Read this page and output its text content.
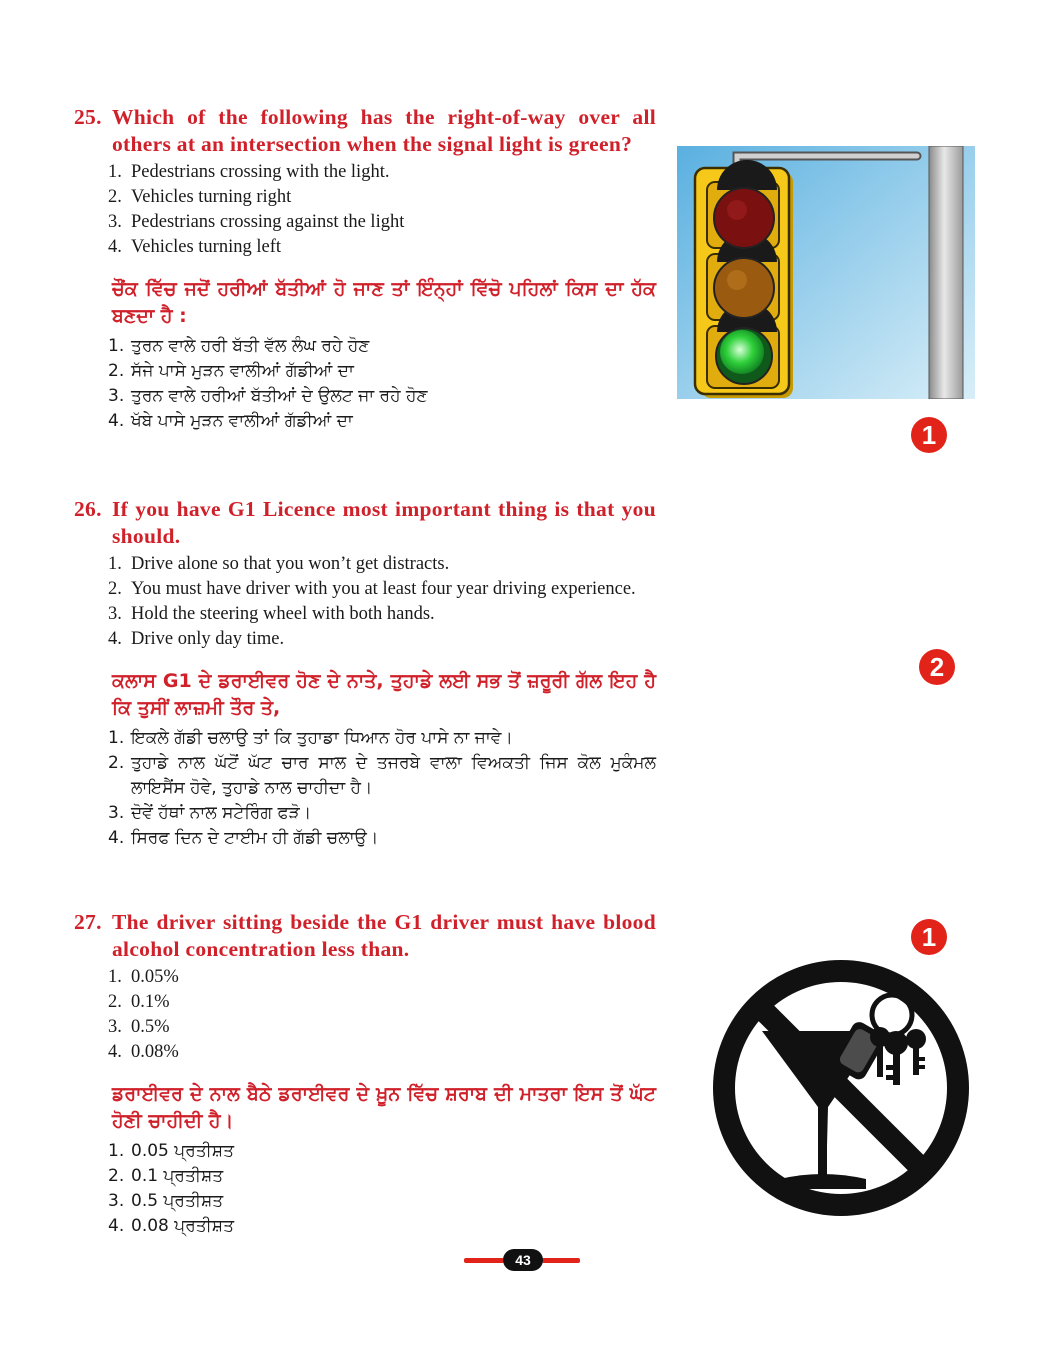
25. Which of the following has the right-of-way over all others at an intersection when the signal light is green?
1. Pedestrians crossing with the light.
2. Vehicles turning right
3. Pedestrians crossing against the light
4. Vehicles turning left
ਚੌਂਕ ਵਿੱਚ ਜਦੋਂ ਹਰੀਆਂ ਬੱਤੀਆਂ ਹੋ ਜਾਣ ਤਾਂ ਇੰਨ੍ਹਾਂ ਵਿੱਚੋ ਪਹਿਲਾਂ ਕਿਸ ਦਾ ਹੱਕ ਬਣਦਾ ਹੈ :
1. ਤੁਰਨ ਵਾਲੇ ਹਰੀ ਬੱਤੀ ਵੱਲ ਲੰਘ ਰਹੇ ਹੋਣ
2. ਸੱਜੇ ਪਾਸੇ ਮੁੜਨ ਵਾਲੀਆਂ ਗੱਡੀਆਂ ਦਾ
3. ਤੁਰਨ ਵਾਲੇ ਹਰੀਆਂ ਬੱਤੀਆਂ ਦੇ ਉਲਟ ਜਾ ਰਹੇ ਹੋਣ
4. ਖੱਬੇ ਪਾਸੇ ਮੁੜਨ ਵਾਲੀਆਂ ਗੱਡੀਆਂ ਦਾ	1
26. If you have G1 Licence most important thing is that you should.
1. Drive alone so that you won’t get distracts.
2. You must have driver with you at least four year driving experience.
3. Hold the steering wheel with both hands.
4. Drive only day time.
ਕਲਾਸ G1 ਦੇ ਡਰਾਈਵਰ ਹੋਣ ਦੇ ਨਾਤੇ, ਤੁਹਾਡੇ ਲਈ ਸਭ ਤੋਂ ਜ਼ਰੂਰੀ ਗੱਲ ਇਹ ਹੈ ਕਿ ਤੁਸੀਂ ਲਾਜ਼ਮੀ ਤੌਰ ਤੇ,
1. ਇਕਲੇ ਗੱਡੀ ਚਲਾਉ ਤਾਂ ਕਿ ਤੁਹਾਡਾ ਧਿਆਨ ਹੋਰ ਪਾਸੇ ਨਾ ਜਾਵੇ।
2. ਤੁਹਾਡੇ ਨਾਲ ਘੱਟੋਂ ਘੱਟ ਚਾਰ ਸਾਲ ਦੇ ਤਜਰਬੇ ਵਾਲਾ ਵਿਅਕਤੀ ਜਿਸ ਕੋਲ ਮੁਕੰਮਲ ਲਾਇਸੈਂਸ ਹੋਵੇ, ਤੁਹਾਡੇ ਨਾਲ ਚਾਹੀਦਾ ਹੈ।
3. ਦੋਵੇਂ ਹੱਥਾਂ ਨਾਲ ਸਟੇਰਿੰਗ ਫੜੋ।
4. ਸਿਰਫ ਦਿਨ ਦੇ ਟਾਈਮ ਹੀ ਗੱਡੀ ਚਲਾਉ।
2
27. The driver sitting beside the G1 driver must have blood alcohol concentration less than.
1. 0.05%
2. 0.1%
3. 0.5%
4. 0.08%
ਡਰਾਈਵਰ ਦੇ ਨਾਲ ਬੈਠੇ ਡਰਾਈਵਰ ਦੇ ਖ਼ੂਨ ਵਿੱਚ ਸ਼ਰਾਬ ਦੀ ਮਾਤਰਾ ਇਸ ਤੋਂ ਘੱਟ ਹੋਣੀ ਚਾਹੀਦੀ ਹੈ।
1. 0.05 ਪ੍ਰਤੀਸ਼ਤ
2. 0.1 ਪ੍ਰਤੀਸ਼ਤ
3. 0.5 ਪ੍ਰਤੀਸ਼ਤ
4. 0.08 ਪ੍ਰਤੀਸ਼ਤ
1
43
